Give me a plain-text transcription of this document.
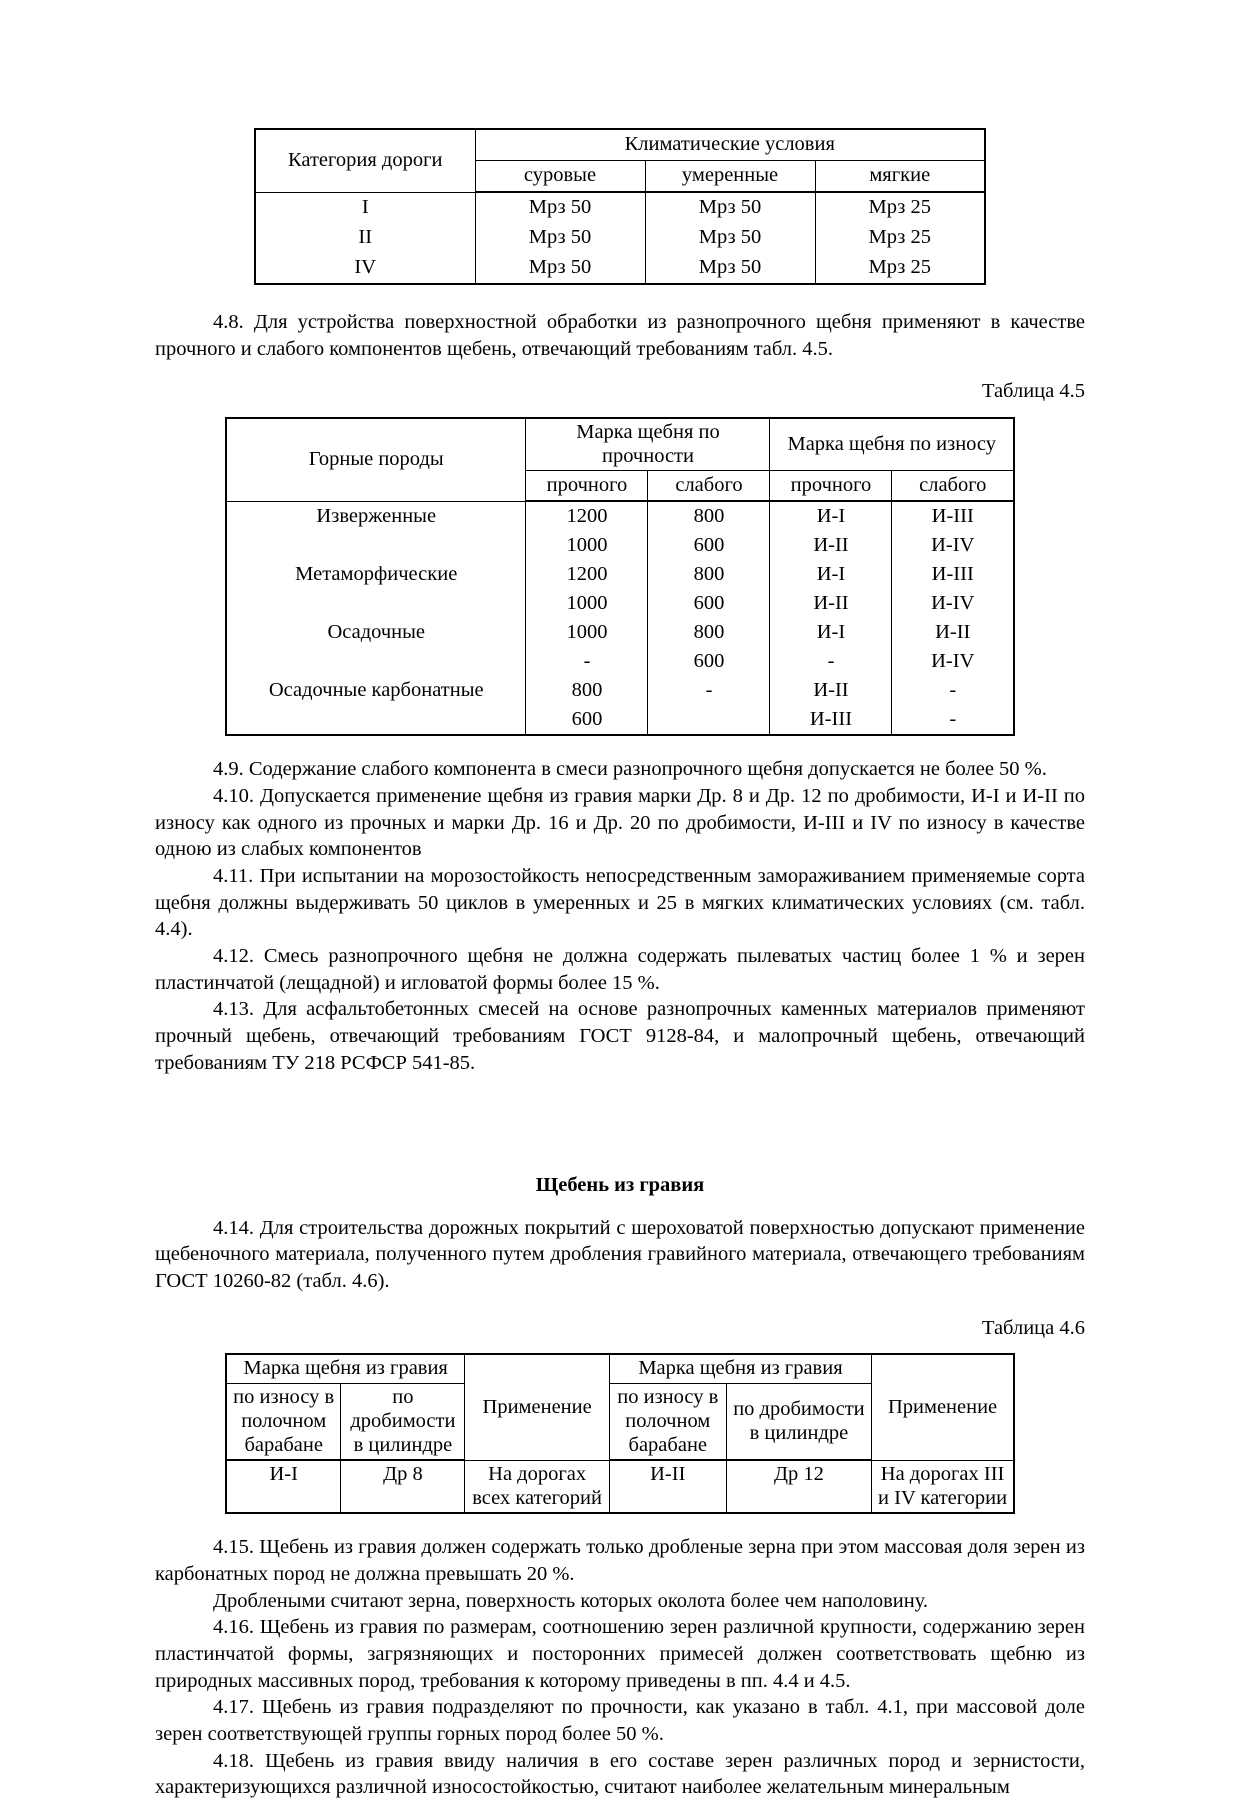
Категория дороги	Климатические условия		
	суровые	умеренные	мягкие
I	Мрз 50	Мрз 50	Мрз 25
II	Мрз 50	Мрз 50	Мрз 25
IV	Мрз 50	Мрз 50	Мрз 25

4.8. Для устройства поверхностной обработки из разнопрочного щебня применяют в качестве прочного и слабого компонентов щебень, отвечающий требованиям табл. 4.5.

Таблица 4.5

Горные породы	Марка щебня по прочности		Марка щебня по износу	
	прочного	слабого	прочного	слабого
Изверженные	1200	800	И-I	И-III
	1000	600	И-II	И-IV
Метаморфические	1200	800	И-I	И-III
	1000	600	И-II	И-IV
Осадочные	1000	800	И-I	И-II
	-	600	-	И-IV
Осадочные карбонатные	800	-	И-II	-
	600		И-III	-

4.9. Содержание слабого компонента в смеси разнопрочного щебня допускается не более 50 %.

4.10. Допускается применение щебня из гравия марки Др. 8 и Др. 12 по дробимости, И-I и И-II по износу как одного из прочных и марки Др. 16 и Др. 20 по дробимости, И-III и IV по износу в качестве одною из слабых компонентов

4.11. При испытании на морозостойкость непосредственным замораживанием применяемые сорта щебня должны выдерживать 50 циклов в умеренных и 25 в мягких климатических условиях (см. табл. 4.4).

4.12. Смесь разнопрочного щебня не должна содержать пылеватых частиц более 1 % и зерен пластинчатой (лещадной) и игловатой формы более 15 %.

4.13. Для асфальтобетонных смесей на основе разнопрочных каменных материалов применяют прочный щебень, отвечающий требованиям ГОСТ 9128-84, и малопрочный щебень, отвечающий требованиям ТУ 218 РСФСР 541-85.

Щебень из гравия

4.14. Для строительства дорожных покрытий с шероховатой поверхностью допускают применение щебеночного материала, полученного путем дробления гравийного материала, отвечающего требованиям ГОСТ 10260-82 (табл. 4.6).

Таблица 4.6

Марка щебня из гравия		Применение	Марка щебня из гравия		Применение
по износу в полочном барабане	по дробимости в цилиндре		по износу в полочном барабане	по дробимости в цилиндре	
И-I	Др 8	На дорогах всех категорий	И-II	Др 12	На дорогах III и IV категории

4.15. Щебень из гравия должен содержать только дробленые зерна при этом массовая доля зерен из карбонатных пород не должна превышать 20 %.

Дроблеными считают зерна, поверхность которых околота более чем наполовину.

4.16. Щебень из гравия по размерам, соотношению зерен различной крупности, содержанию зерен пластинчатой формы, загрязняющих и посторонних примесей должен соответствовать щебню из природных массивных пород, требования к которому приведены в пп. 4.4 и 4.5.

4.17. Щебень из гравия подразделяют по прочности, как указано в табл. 4.1, при массовой доле зерен соответствующей группы горных пород более 50 %.

4.18. Щебень из гравия ввиду наличия в его составе зерен различных пород и зернистости, характеризующихся различной износостойкостью, считают наиболее желательным минеральным
